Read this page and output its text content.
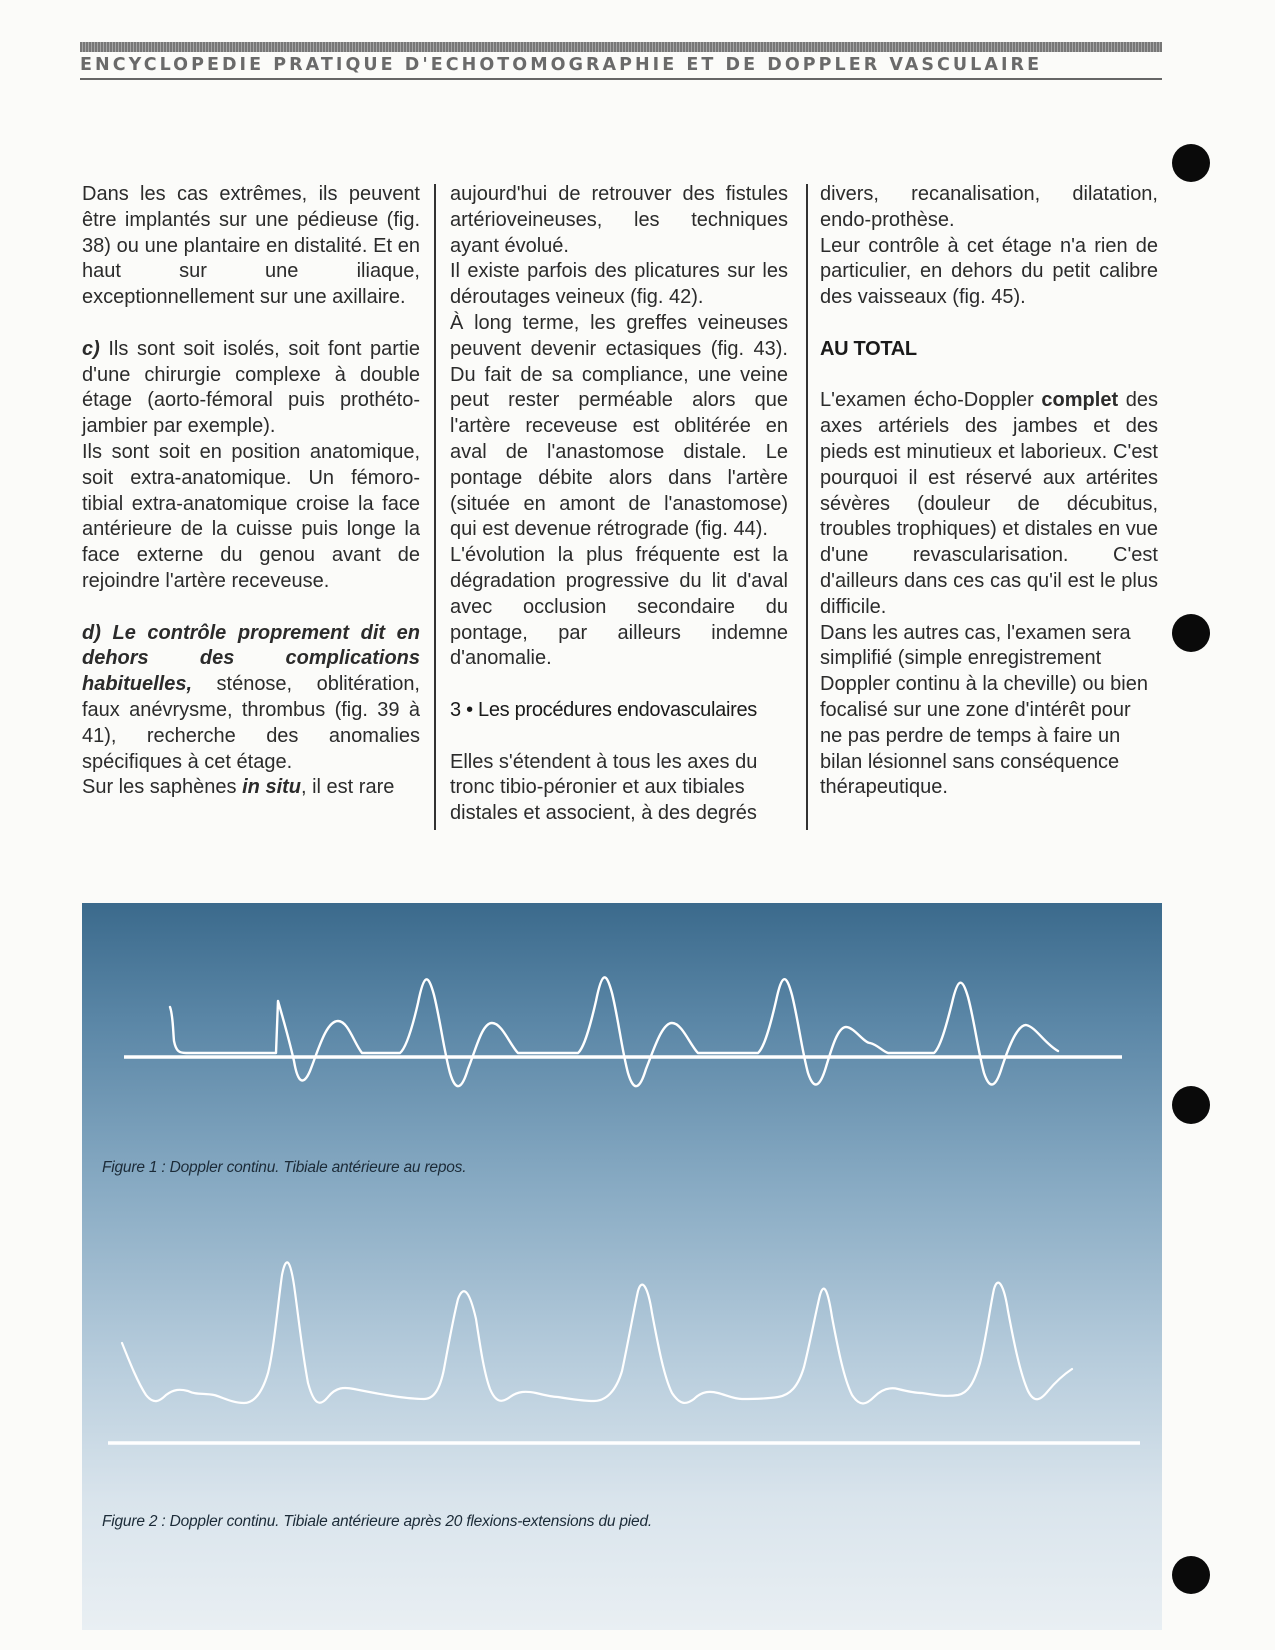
ENCYCLOPEDIE PRATIQUE D'ECHOTOMOGRAPHIE ET DE DOPPLER VASCULAIRE

Dans les cas extrêmes, ils peuvent être implantés sur une pédieuse (fig. 38) ou une plantaire en distalité. Et en haut sur une iliaque, exceptionnellement sur une axillaire.

c) Ils sont soit isolés, soit font partie d'une chirurgie complexe à double étage (aorto-fémoral puis prothéto-jambier par exemple).

Ils sont soit en position anatomique, soit extra-anatomique. Un fémoro-tibial extra-anatomique croise la face antérieure de la cuisse puis longe la face externe du genou avant de rejoindre l'artère receveuse.

d) Le contrôle proprement dit en dehors des complications habituelles, sténose, oblitération, faux anévrysme, thrombus (fig. 39 à 41), recherche des anomalies spécifiques à cet étage.

Sur les saphènes in situ, il est rare

aujourd'hui de retrouver des fistules artérioveineuses, les techniques ayant évolué.

Il existe parfois des plicatures sur les déroutages veineux (fig. 42).

À long terme, les greffes veineuses peuvent devenir ectasiques (fig. 43). Du fait de sa compliance, une veine peut rester perméable alors que l'artère receveuse est oblitérée en aval de l'anastomose distale. Le pontage débite alors dans l'artère (située en amont de l'anastomose) qui est devenue rétrograde (fig. 44).

L'évolution la plus fréquente est la dégradation progressive du lit d'aval avec occlusion secondaire du pontage, par ailleurs indemne d'anomalie.

3 • Les procédures endovasculaires

Elles s'étendent à tous les axes du tronc tibio-péronier et aux tibiales distales et associent, à des degrés

divers, recanalisation, dilatation, endo-prothèse.

Leur contrôle à cet étage n'a rien de particulier, en dehors du petit calibre des vaisseaux (fig. 45).

AU TOTAL

L'examen écho-Doppler complet des axes artériels des jambes et des pieds est minutieux et laborieux. C'est pourquoi il est réservé aux artérites sévères (douleur de décubitus, troubles trophiques) et distales en vue d'une revascularisation. C'est d'ailleurs dans ces cas qu'il est le plus difficile.

Dans les autres cas, l'examen sera simplifié (simple enregistrement Doppler continu à la cheville) ou bien focalisé sur une zone d'intérêt pour ne pas perdre de temps à faire un bilan lésionnel sans conséquence thérapeutique.

Figure 1 : Doppler continu. Tibiale antérieure au repos.
Figure 2 : Doppler continu. Tibiale antérieure après 20 flexions-extensions du pied.
